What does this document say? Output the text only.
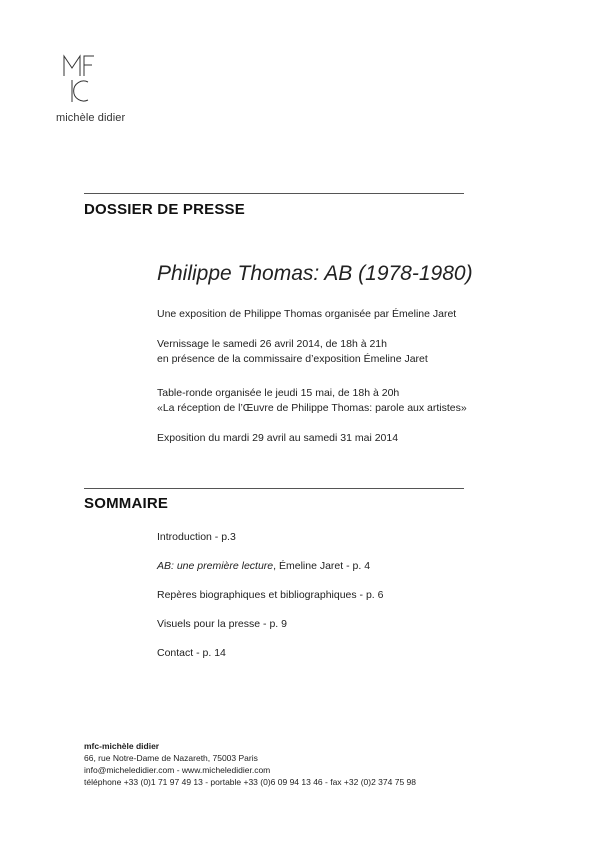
michèle didier
DOSSIER DE PRESSE
Philippe Thomas: AB (1978-1980)
Une exposition de Philippe Thomas organisée par Émeline Jaret
Vernissage le samedi 26 avril 2014, de 18h à 21h
en présence de la commissaire d’exposition Émeline Jaret
Table-ronde organisée le jeudi 15 mai, de 18h à 20h
«La réception de l’Œuvre de Philippe Thomas: parole aux artistes»
Exposition du mardi 29 avril au samedi 31 mai 2014
SOMMAIRE
Introduction - p.3
AB: une première lecture, Émeline Jaret - p. 4
Repères biographiques et bibliographiques - p. 6
Visuels pour la presse - p. 9
Contact - p. 14
mfc-michèle didier
66, rue Notre-Dame de Nazareth, 75003 Paris
info@micheledidier.com - www.micheledidier.com
téléphone +33 (0)1 71 97 49 13 - portable +33 (0)6 09 94 13 46 - fax +32 (0)2 374 75 98
